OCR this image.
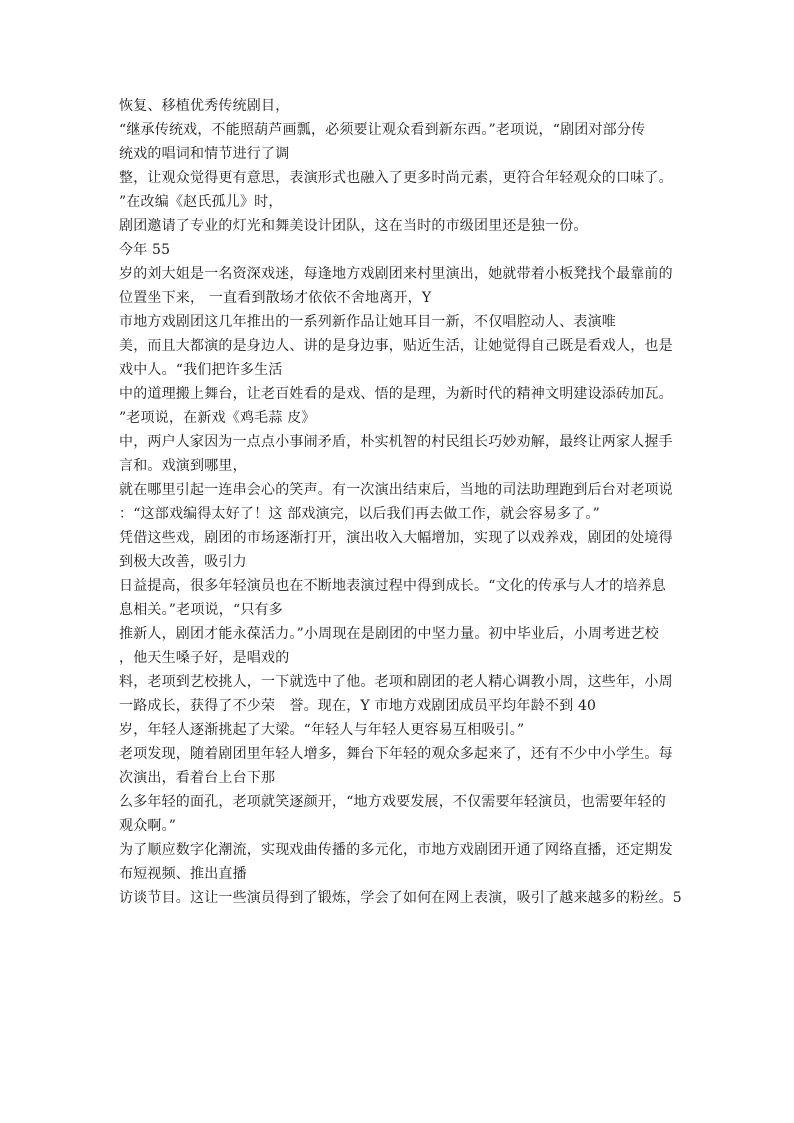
恢复、移植优秀传统剧目，
“继承传统戏，不能照葫芦画瓢，必须要让观众看到新东西。”老项说，“剧团对部分传
统戏的唱词和情节进行了调
整，让观众觉得更有意思，表演形式也融入了更多时尚元素，更符合年轻观众的口味了。
”在改编《赵氏孤儿》时，
剧团邀请了专业的灯光和舞美设计团队，这在当时的市级团里还是独一份。
今年 55
岁的刘大姐是一名资深戏迷，每逢地方戏剧团来村里演出，她就带着小板凳找个最靠前的
位置坐下来， 一直看到散场才依依不舍地离开，Y
市地方戏剧团这几年推出的一系列新作品让她耳目一新，不仅唱腔动人、表演唯
美，而且大都演的是身边人、讲的是身边事，贴近生活，让她觉得自己既是看戏人，也是
戏中人。“我们把许多生活
中的道理搬上舞台，让老百姓看的是戏、悟的是理，为新时代的精神文明建设添砖加瓦。
”老项说，在新戏《鸡毛蒜 皮》
中，两户人家因为一点点小事闹矛盾，朴实机智的村民组长巧妙劝解，最终让两家人握手
言和。戏演到哪里，
就在哪里引起一连串会心的笑声。有一次演出结束后，当地的司法助理跑到后台对老项说
：“这部戏编得太好了！这 部戏演完，以后我们再去做工作，就会容易多了。”
凭借这些戏，剧团的市场逐渐打开，演出收入大幅增加，实现了以戏养戏，剧团的处境得
到极大改善，吸引力
日益提高，很多年轻演员也在不断地表演过程中得到成长。“文化的传承与人才的培养息
息相关。”老项说，“只有多
推新人，剧团才能永葆活力。”小周现在是剧团的中坚力量。初中毕业后，小周考进艺校
，他天生嗓子好，是唱戏的
料，老项到艺校挑人，一下就选中了他。老项和剧团的老人精心调教小周，这些年，小周
一路成长，获得了不少荣　誉。现在，Y 市地方戏剧团成员平均年龄不到 40
岁，年轻人逐渐挑起了大梁。“年轻人与年轻人更容易互相吸引。”
老项发现，随着剧团里年轻人增多，舞台下年轻的观众多起来了，还有不少中小学生。每
次演出，看着台上台下那
么多年轻的面孔，老项就笑逐颜开，“地方戏要发展，不仅需要年轻演员，也需要年轻的
观众啊。”
为了顺应数字化潮流，实现戏曲传播的多元化，市地方戏剧团开通了网络直播，还定期发
布短视频、推出直播
访谈节目。这让一些演员得到了锻炼，学会了如何在网上表演，吸引了越来越多的粉丝。5
